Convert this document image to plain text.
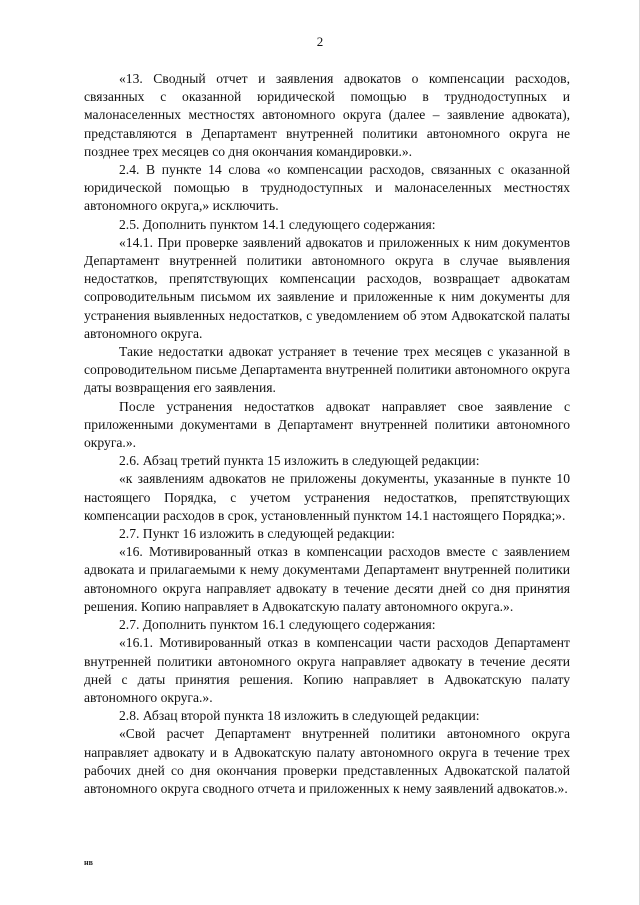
2

«13. Сводный отчет и заявления адвокатов о компенсации расходов, связанных с оказанной юридической помощью в труднодоступных и малонаселенных местностях автономного округа (далее – заявление адвоката), представляются в Департамент внутренней политики автономного округа не позднее трех месяцев со дня окончания командировки.».

2.4. В пункте 14 слова «о компенсации расходов, связанных с оказанной юридической помощью в труднодоступных и малонаселенных местностях автономного округа,» исключить.

2.5. Дополнить пунктом 14.1 следующего содержания:

«14.1. При проверке заявлений адвокатов и приложенных к ним документов Департамент внутренней политики автономного округа в случае выявления недостатков, препятствующих компенсации расходов, возвращает адвокатам сопроводительным письмом их заявление и приложенные к ним документы для устранения выявленных недостатков, с уведомлением об этом Адвокатской палаты автономного округа.

Такие недостатки адвокат устраняет в течение трех месяцев с указанной в сопроводительном письме Департамента внутренней политики автономного округа даты возвращения его заявления.

После устранения недостатков адвокат направляет свое заявление с приложенными документами в Департамент внутренней политики автономного округа.».

2.6. Абзац третий пункта 15 изложить в следующей редакции:

«к заявлениям адвокатов не приложены документы, указанные в пункте 10 настоящего Порядка, с учетом устранения недостатков, препятствующих компенсации расходов в срок, установленный пунктом 14.1 настоящего Порядка;».

2.7. Пункт 16 изложить в следующей редакции:

«16. Мотивированный отказ в компенсации расходов вместе с заявлением адвоката и прилагаемыми к нему документами Департамент внутренней политики автономного округа направляет адвокату в течение десяти дней со дня принятия решения. Копию направляет в Адвокатскую палату автономного округа.».

2.7. Дополнить пунктом 16.1 следующего содержания:

«16.1. Мотивированный отказ в компенсации части расходов Департамент внутренней политики автономного округа направляет адвокату в течение десяти дней с даты принятия решения. Копию направляет в Адвокатскую палату автономного округа.».

2.8. Абзац второй пункта 18 изложить в следующей редакции:

«Свой расчет Департамент внутренней политики автономного округа направляет адвокату и в Адвокатскую палату автономного округа в течение трех рабочих дней со дня окончания проверки представленных Адвокатской палатой автономного округа сводного отчета и приложенных к нему заявлений адвокатов.».

нв
